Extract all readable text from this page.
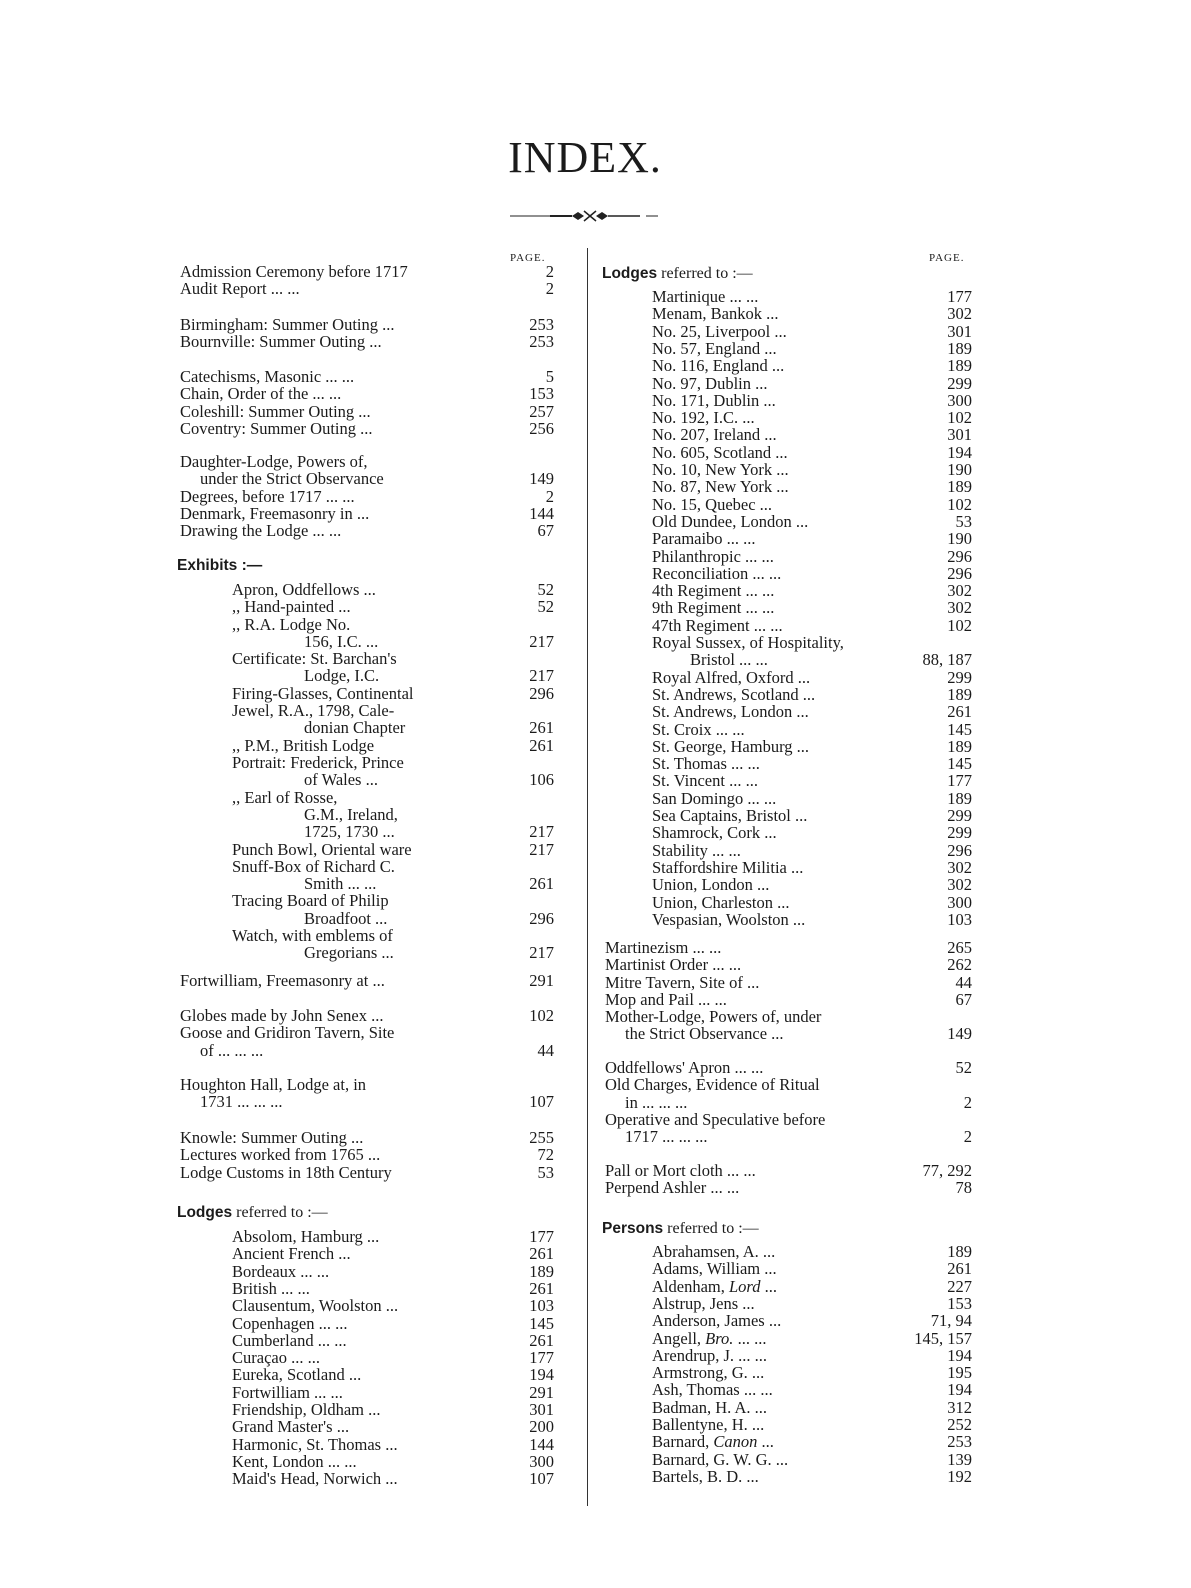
INDEX.
PAGE.
Admission Ceremony before 1717	2
Audit Report ... ...	2
Birmingham: Summer Outing ...	253
Bournville: Summer Outing ...	253
Catechisms, Masonic ... ...	5
Chain, Order of the ... ...	153
Coleshill: Summer Outing ...	257
Coventry: Summer Outing ...	256
Daughter-Lodge, Powers of,
under the Strict Observance	149
Degrees, before 1717 ... ...	2
Denmark, Freemasonry in ...	144
Drawing the Lodge ... ...	67
Exhibits :—
Apron, Oddfellows ...	52
,, Hand-painted ...	52
,, R.A. Lodge No.
156, I.C. ...	217
Certificate: St. Barchan's
Lodge, I.C.	217
Firing-Glasses, Continental	296
Jewel, R.A., 1798, Cale-
donian Chapter	261
,, P.M., British Lodge	261
Portrait: Frederick, Prince
of Wales ...	106
,, Earl of Rosse,
G.M., Ireland,
1725, 1730 ...	217
Punch Bowl, Oriental ware	217
Snuff-Box of Richard C.
Smith ... ...	261
Tracing Board of Philip
Broadfoot ...	296
Watch, with emblems of
Gregorians ...	217
Fortwilliam, Freemasonry at ...	291
Globes made by John Senex ...	102
Goose and Gridiron Tavern, Site
of ... ... ...	44
Houghton Hall, Lodge at, in
1731 ... ... ...	107
Knowle: Summer Outing ...	255
Lectures worked from 1765 ...	72
Lodge Customs in 18th Century	53
Lodges referred to :—
Absolom, Hamburg ...	177
Ancient French ...	261
Bordeaux ... ...	189
British ... ...	261
Clausentum, Woolston ...	103
Copenhagen ... ...	145
Cumberland ... ...	261
Curaçao ... ...	177
Eureka, Scotland ...	194
Fortwilliam ... ...	291
Friendship, Oldham ...	301
Grand Master's ...	200
Harmonic, St. Thomas ...	144
Kent, London ... ...	300
Maid's Head, Norwich ...	107
PAGE.
Lodges referred to :—
Martinique ... ...	177
Menam, Bankok ...	302
No. 25, Liverpool ...	301
No. 57, England ...	189
No. 116, England ...	189
No. 97, Dublin ...	299
No. 171, Dublin ...	300
No. 192, I.C. ...	102
No. 207, Ireland ...	301
No. 605, Scotland ...	194
No. 10, New York ...	190
No. 87, New York ...	189
No. 15, Quebec ...	102
Old Dundee, London ...	53
Paramaibo ... ...	190
Philanthropic ... ...	296
Reconciliation ... ...	296
4th Regiment ... ...	302
9th Regiment ... ...	302
47th Regiment ... ...	102
Royal Sussex, of Hospitality,
Bristol ... ...	88, 187
Royal Alfred, Oxford ...	299
St. Andrews, Scotland ...	189
St. Andrews, London ...	261
St. Croix ... ...	145
St. George, Hamburg ...	189
St. Thomas ... ...	145
St. Vincent ... ...	177
San Domingo ... ...	189
Sea Captains, Bristol ...	299
Shamrock, Cork ...	299
Stability ... ...	296
Staffordshire Militia ...	302
Union, London ...	302
Union, Charleston ...	300
Vespasian, Woolston ...	103
Martinezism ... ...	265
Martinist Order ... ...	262
Mitre Tavern, Site of ...	44
Mop and Pail ... ...	67
Mother-Lodge, Powers of, under
the Strict Observance ...	149
Oddfellows' Apron ... ...	52
Old Charges, Evidence of Ritual
in ... ... ...	2
Operative and Speculative before
1717 ... ... ...	2
Pall or Mort cloth ... ...	77, 292
Perpend Ashler ... ...	78
Persons referred to :—
Abrahamsen, A. ...	189
Adams, William ...	261
Aldenham, Lord ...	227
Alstrup, Jens ...	153
Anderson, James ...	71, 94
Angell, Bro. ... ...	145, 157
Arendrup, J. ... ...	194
Armstrong, G. ...	195
Ash, Thomas ... ...	194
Badman, H. A. ...	312
Ballentyne, H. ...	252
Barnard, Canon ...	253
Barnard, G. W. G. ...	139
Bartels, B. D. ...	192
